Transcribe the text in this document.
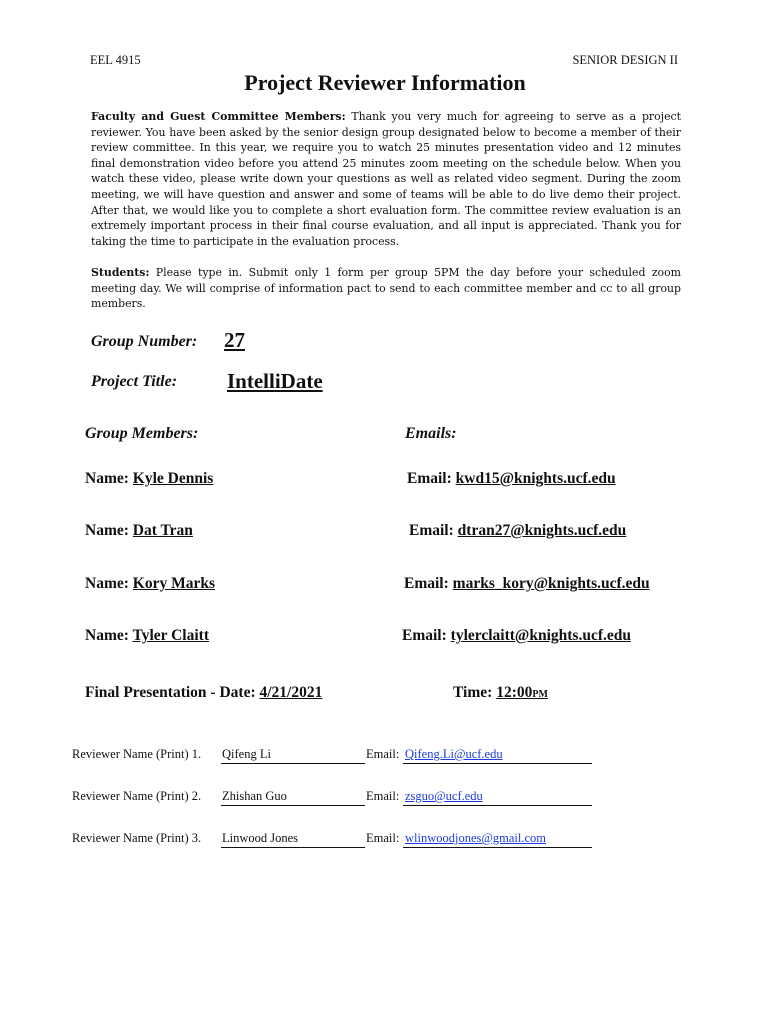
EEL 4915	SENIOR DESIGN II
Project Reviewer Information
Faculty and Guest Committee Members: Thank you very much for agreeing to serve as a project reviewer. You have been asked by the senior design group designated below to become a member of their review committee. In this year, we require you to watch 25 minutes presentation video and 12 minutes final demonstration video before you attend 25 minutes zoom meeting on the schedule below. When you watch these video, please write down your questions as well as related video segment. During the zoom meeting, we will have question and answer and some of teams will be able to do live demo their project. After that, we would like you to complete a short evaluation form. The committee review evaluation is an extremely important process in their final course evaluation, and all input is appreciated. Thank you for taking the time to participate in the evaluation process.
Students: Please type in. Submit only 1 form per group 5PM the day before your scheduled zoom meeting day. We will comprise of information pact to send to each committee member and cc to all group members.
Group Number: 27
Project Title: IntelliDate
Group Members:	Emails:
Name: Kyle Dennis	Email: kwd15@knights.ucf.edu
Name: Dat Tran	Email: dtran27@knights.ucf.edu
Name: Kory Marks	Email: marks_kory@knights.ucf.edu
Name: Tyler Claitt	Email: tylerclaitt@knights.ucf.edu
Final Presentation - Date: 4/21/2021	Time: 12:00PM
Reviewer Name (Print) 1. Qifeng Li	Email: Qifeng.Li@ucf.edu
Reviewer Name (Print) 2. Zhishan Guo	Email: zsguo@ucf.edu
Reviewer Name (Print) 3. Linwood Jones	Email: wlinwoodjones@gmail.com
